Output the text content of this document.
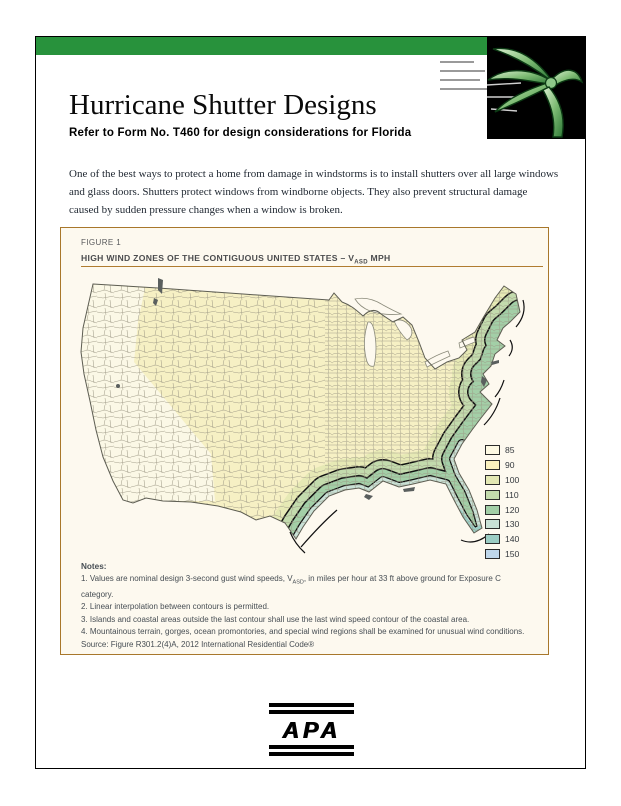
Hurricane Shutter Designs
Refer to Form No. T460 for design considerations for Florida
One of the best ways to protect a home from damage in windstorms is to install shutters over all large windows and glass doors. Shutters protect windows from windborne objects. They also prevent structural damage caused by sudden pressure changes when a window is broken.
FIGURE 1
HIGH WIND ZONES OF THE CONTIGUOUS UNITED STATES – $V_{ASD}$ MPH
85
90
100
110
120
130
140
150
Notes:
1. Values are nominal design 3-second gust wind speeds, $V_{ASD}$, in miles per hour at 33 ft above ground for Exposure C category.
2. Linear interpolation between contours is permitted.
3. Islands and coastal areas outside the last contour shall use the last wind speed contour of the coastal area.
4. Mountainous terrain, gorges, ocean promontories, and special wind regions shall be examined for unusual wind conditions.
Source: Figure R301.2(4)A, 2012 International Residential Code®
APA
